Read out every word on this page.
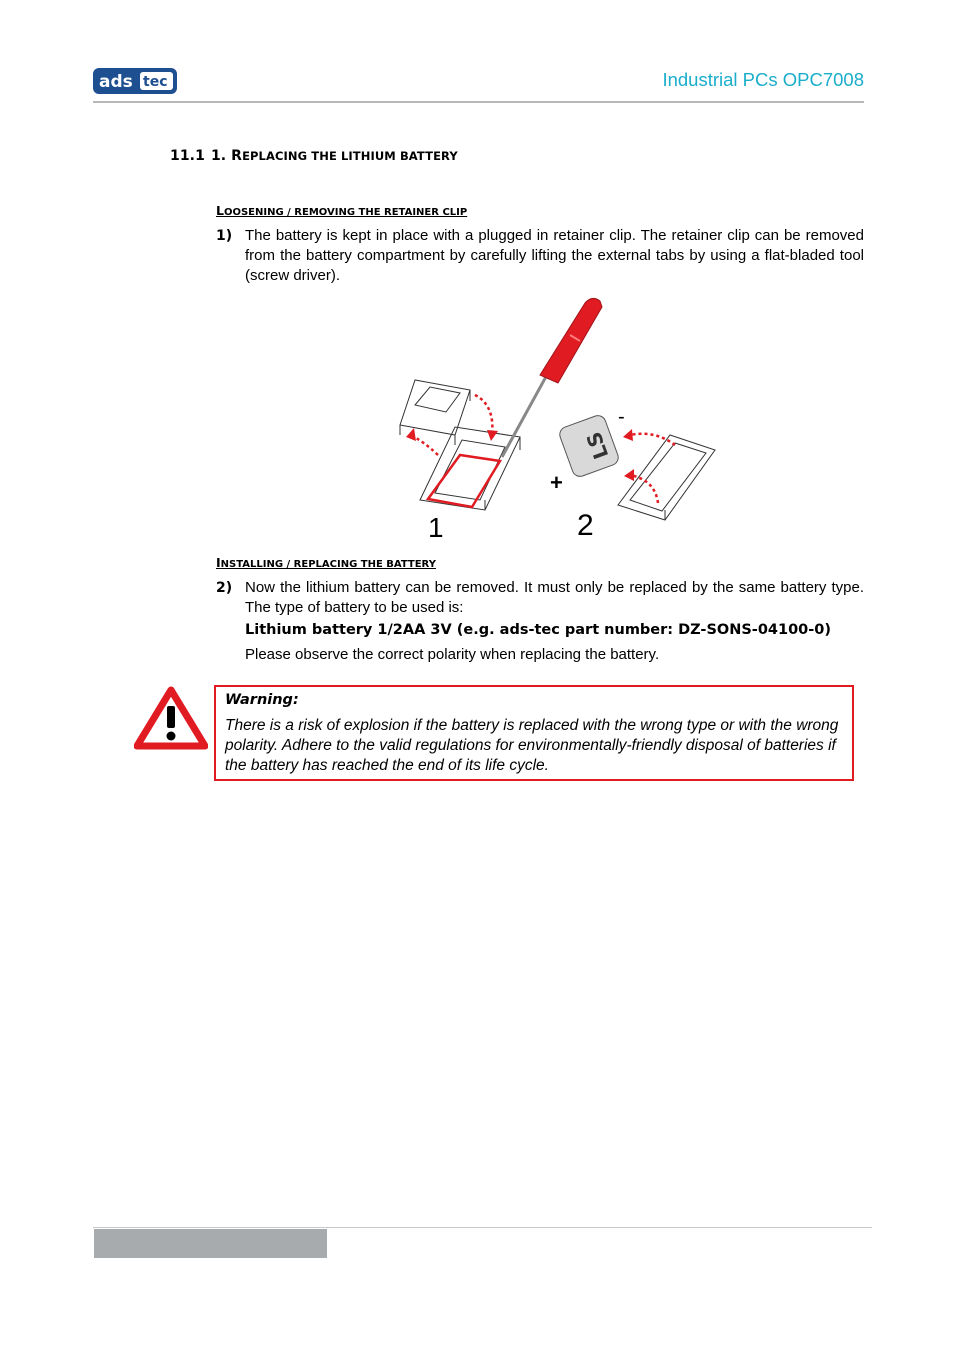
ads tec	Industrial PCs OPC7008
11.1 1. REPLACING THE LITHIUM BATTERY
LOOSENING / REMOVING THE RETAINER CLIP
1) The battery is kept in place with a plugged in retainer clip. The retainer clip can be removed from the battery compartment by carefully lifting the external tabs by using a flat-bladed tool (screw driver).
LS
-
+
1	2
INSTALLING / REPLACING THE BATTERY
2) Now the lithium battery can be removed. It must only be replaced by the same battery type. The type of battery to be used is:
Lithium battery 1/2AA 3V (e.g. ads-tec part number: DZ-SONS-04100-0)
Please observe the correct polarity when replacing the battery.
Warning:
There is a risk of explosion if the battery is replaced with the wrong type or with the wrong polarity. Adhere to the valid regulations for environmentally-friendly disposal of batteries if the battery has reached the end of its life cycle.
